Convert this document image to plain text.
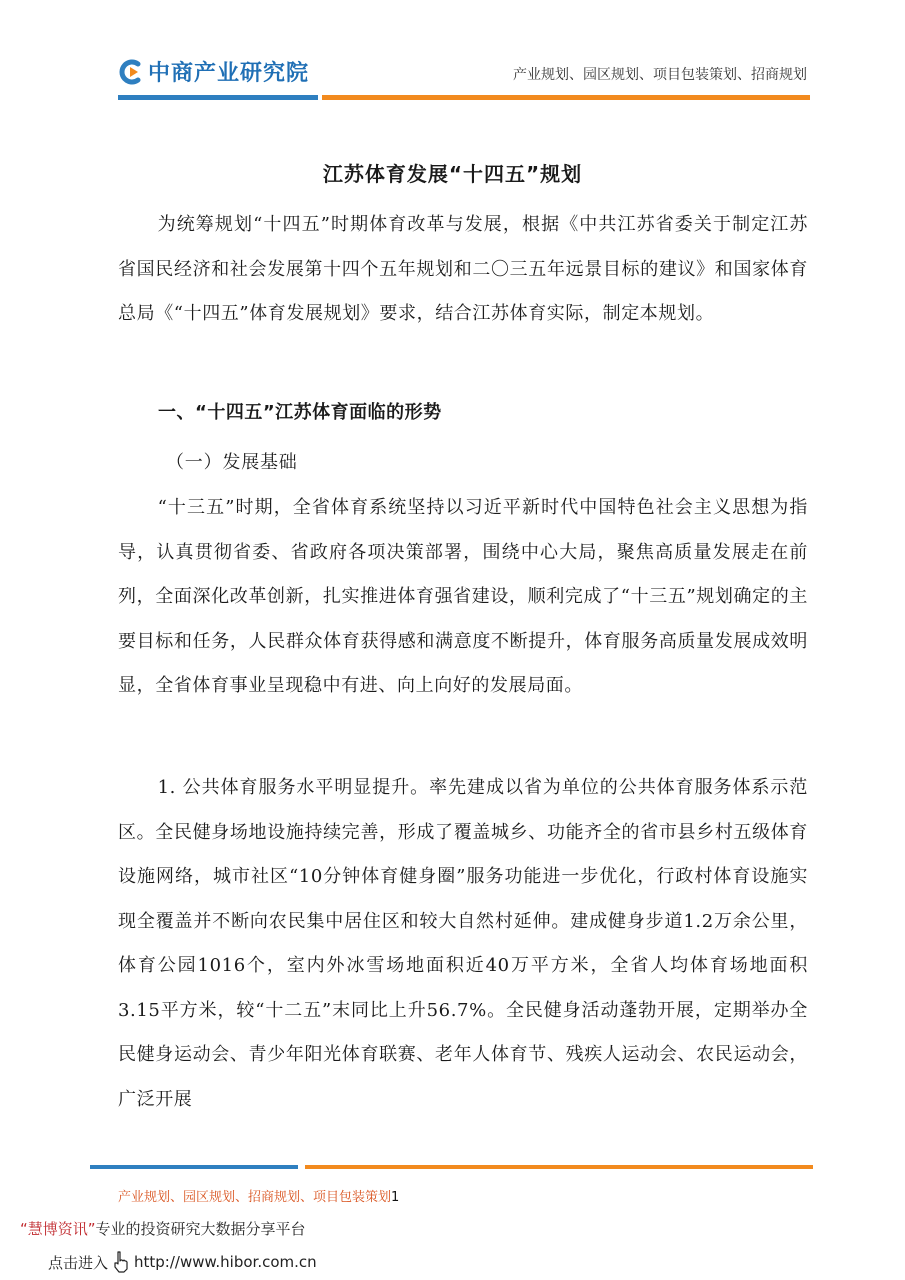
中商产业研究院	产业规划、园区规划、项目包装策划、招商规划
江苏体育发展“十四五”规划

为统筹规划“十四五”时期体育改革与发展，根据《中共江苏省委关于制定江苏省国民经济和社会发展第十四个五年规划和二〇三五年远景目标的建议》和国家体育总局《“十四五”体育发展规划》要求，结合江苏体育实际，制定本规划。

一、“十四五”江苏体育面临的形势
（一）发展基础

“十三五”时期，全省体育系统坚持以习近平新时代中国特色社会主义思想为指导，认真贯彻省委、省政府各项决策部署，围绕中心大局，聚焦高质量发展走在前列，全面深化改革创新，扎实推进体育强省建设，顺利完成了“十三五”规划确定的主要目标和任务，人民群众体育获得感和满意度不断提升，体育服务高质量发展成效明显，全省体育事业呈现稳中有进、向上向好的发展局面。

1. 公共体育服务水平明显提升。率先建成以省为单位的公共体育服务体系示范区。全民健身场地设施持续完善，形成了覆盖城乡、功能齐全的省市县乡村五级体育设施网络，城市社区“10分钟体育健身圈”服务功能进一步优化，行政村体育设施实现全覆盖并不断向农民集中居住区和较大自然村延伸。建成健身步道1.2万余公里，体育公园1016个，室内外冰雪场地面积近40万平方米，全省人均体育场地面积3.15平方米，较“十二五”末同比上升56.7%。全民健身活动蓬勃开展，定期举办全民健身运动会、青少年阳光体育联赛、老年人体育节、残疾人运动会、农民运动会，广泛开展

产业规划、园区规划、招商规划、项目包装策划1
“慧博资讯”专业的投资研究大数据分享平台
点击进入 http://www.hibor.com.cn
